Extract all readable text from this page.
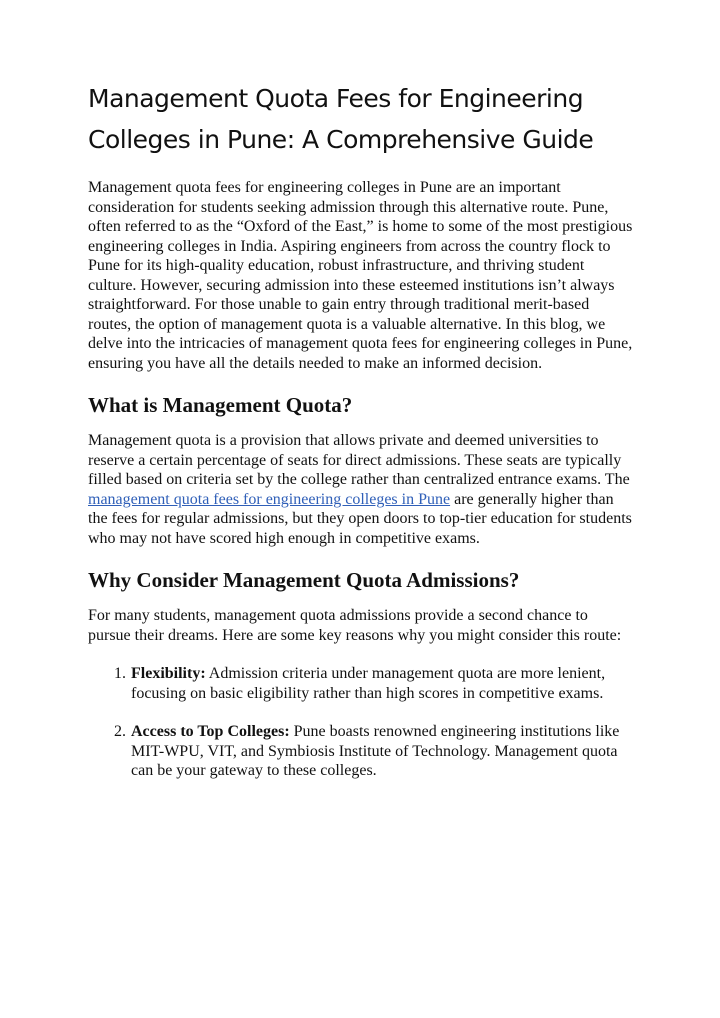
Management Quota Fees for Engineering
Colleges in Pune: A Comprehensive Guide

Management quota fees for engineering colleges in Pune are an important consideration for students seeking admission through this alternative route. Pune, often referred to as the “Oxford of the East,” is home to some of the most prestigious engineering colleges in India. Aspiring engineers from across the country flock to Pune for its high-quality education, robust infrastructure, and thriving student culture. However, securing admission into these esteemed institutions isn’t always straightforward. For those unable to gain entry through traditional merit-based routes, the option of management quota is a valuable alternative. In this blog, we delve into the intricacies of management quota fees for engineering colleges in Pune, ensuring you have all the details needed to make an informed decision.

What is Management Quota?

Management quota is a provision that allows private and deemed universities to reserve a certain percentage of seats for direct admissions. These seats are typically filled based on criteria set by the college rather than centralized entrance exams. The management quota fees for engineering colleges in Pune are generally higher than the fees for regular admissions, but they open doors to top-tier education for students who may not have scored high enough in competitive exams.

Why Consider Management Quota Admissions?

For many students, management quota admissions provide a second chance to pursue their dreams. Here are some key reasons why you might consider this route:

1. Flexibility: Admission criteria under management quota are more lenient, focusing on basic eligibility rather than high scores in competitive exams.
2. Access to Top Colleges: Pune boasts renowned engineering institutions like MIT-WPU, VIT, and Symbiosis Institute of Technology. Management quota can be your gateway to these colleges.
